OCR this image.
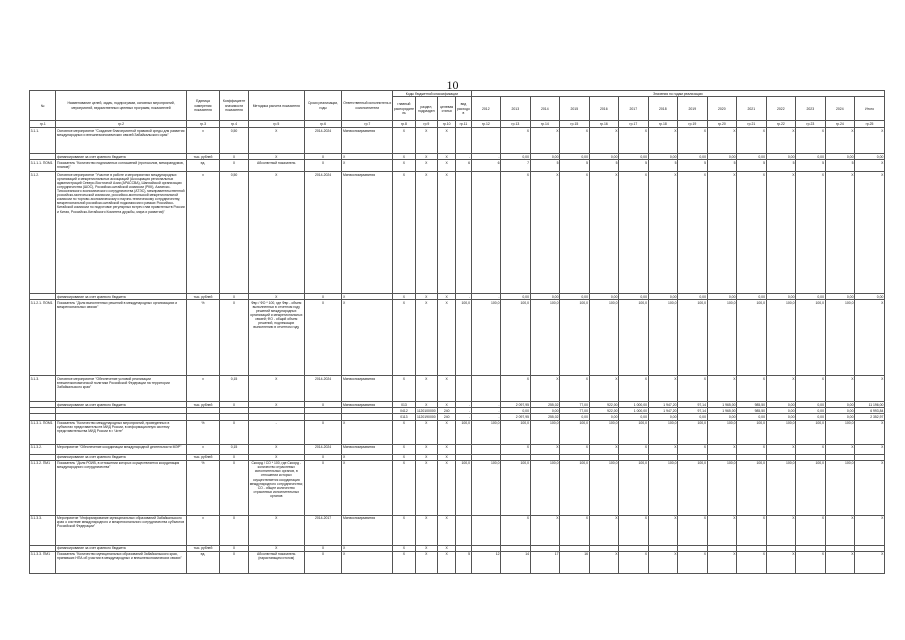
10
№	Наименование целей, задач, подпрограмм, основных мероприятий, мероприятий, ведомственных целевых программ, показателей	Единица измерения показателя	Коэффициент значимости показателя	Методика расчета показателя	Сроки реализации, годы	Ответственный исполнитель и соисполнители	Коды бюджетной классификации				Значения по годам реализации													
							главный распорядитель	раздел, подраздел	целевая статья	вид расходов	2012	2013	2014	2015	2016	2017	2018	2019	2020	2021	2022	2023	2024	Итого

гр.1	гр.2	гр.3	гр.4	гр.5	гр.6	гр.7	гр.8	гр.9	гр.10	гр.11	гр.12	гр.13	гр.14	гр.15	гр.16	гр.17	гр.18	гр.19	гр.20	гр.21	гр.22	гр.23	гр.24	гр.25
3.1.1.	Основное мероприятие "Создание благоприятной правовой среды для развития международных и внешнеэкономических связей Забайкальского края"	х	0,50	Х	2014-2024	Минэкономразвития	Х	Х	Х			Х	Х	Х	Х	Х	Х	Х	Х	Х	Х	Х	Х	Х
	финансирование за счет краевого бюджета	тыс. рублей	Х	Х	Х	Х	Х	Х	Х	-	-	0,00	0,00	0,00	0,00	0,00	0,00	0,00	0,00	0,00	0,00	0,00	0,00	0,00
3.1.1.1. ПОМ1	Показатель "Количество подписанных соглашений (протоколов, меморандумов, планов)"	ед.	Х	Абсолютный показатель	Х	Х	Х	Х	Х	6	6	7	5	5	5	5	5	5	5	5	5	5	5	Х
3.1.2.	Основное мероприятие "Участие в работе и мероприятиях международных организаций и межрегиональных ассоциаций (Ассоциация региональных администраций Северо-Восточной Азии (АРАССВА), Шанхайской организации сотрудничества (ШОС), Российско-китайской комиссии (РКК), Азиатско-Тихоокеанского экономического сотрудничества (АТЭС), межправительственной российско-монгольской комиссии, российско-монгольской межрегиональной комиссии по торгово-экономическому и научно-техническому сотрудничеству, межрегиональной российско-китайской подкомиссии и рамках Российско-Китайской комиссии по подготовке регулярных встреч глав правительств России и Китая, Российско-Китайского Комитета дружбы, мира и развития)"	х	0,50	Х	2014-2024	Минэкономразвития	Х	Х	Х			Х	Х	Х	Х	Х	Х	Х	Х	Х	Х	Х	Х	Х
	финансирование за счет краевого бюджета	тыс. рублей	Х	Х	Х	Х	Х	Х	Х	-	-	0,00	0,00	0,00	0,00	0,00	0,00	0,00	0,00	0,00	0,00	0,00	0,00	0,00
3.1.2.1. ПОМ1	Показатель "Доля выполненных решений в международных организациях и межрегиональных связях"	%	Х	Фвр / ФО * 100, где Фвр - объем выполненных в отчетном году решений международных организаций и межрегиональных связей; ФО - общий объем решений, подлежащих выполнению в отчетном году	Х	Х	Х	Х	Х	100,0	100,0	100,0	100,0	100,0	100,0	100,0	100,0	100,0	100,0	100,0	100,0	100,0	100,0	Х
3.1.3.	Основное мероприятие "Обеспечение условий реализации внешнеэкономической политики Российской Федерации на территории Забайкальского края"	х	0,15	Х	2014-2024	Минэкономразвития	Х	Х	Х			Х	Х	Х	Х	Х	Х	Х	Х	Х	Х	Х	Х	Х
	финансирование за счет краевого бюджета	тыс. рублей	Х	Х	Х	Минэкономразвития	013	Х	Х	-	-	2 097,95	255,02	77,00	922,00	1 000,00	1 947,20	97,14	1 965,00	985,50	0,00	0,00	0,00	11 196,00
							0412	1120100000	240	-	-	0,00	0,00	77,00	922,00	1 000,00	1 947,20	97,14	1 965,00	985,50	0,00	0,00	0,00	6 993,84
							0113	1120190000	240	-	-	2 097,95	255,02	0,00	0,00	0,00	0,00	0,00	0,00	0,00	0,00	0,00	0,00	2 352,97
3.1.3.1. ПОМ1	Показатель "Количество международных мероприятий, проведенных в субъектах представительств МИД России, в информационную систему представительства МИД России в г. Чите"	%	Х	-	Х	Х	Х	Х	Х	100,0	100,0	100,0	100,0	100,0	100,0	100,0	100,0	100,0	100,0	100,0	100,0	100,0	100,0	Х
3.1.3.2.	Мероприятие "Обеспечение координации международной деятельности МЭР"	х	0,15	Х	2014-2024	Минэкономразвития	Х	Х	Х			Х	Х	Х	Х	Х	Х	Х	Х	Х	Х	Х	Х	Х
	финансирование за счет краевого бюджета	тыс. рублей	Х	Х	Х	Х	Х	Х	Х															
3.1.3.2. ПМ1	Показатель "Доля РОИВ, в отношении которых осуществляется координация международного сотрудничества"	%	Х	Скоорд / СО * 100, где Скоорд - количество отраслевых исполнительных органов, в отношении которых осуществляется координация международного сотрудничества; СО - общее количество отраслевых исполнительных органов	Х	Х	Х	Х	Х	100,0	100,0	100,0	100,0	100,0	100,0	100,0	100,0	100,0	100,0	100,0	100,0	100,0	100,0	Х
3.1.3.3.	Мероприятие "Информирование муниципальных образований Забайкальского края о системе международного и межрегионального сотрудничества субъектов Российской Федерации"	х	Х	Х	2014-2017	Минэкономразвития	Х	Х	Х			Х	Х	Х	Х	Х	Х	Х	Х	Х	Х	Х	Х	Х
	финансирование за счет краевого бюджета	тыс. рублей	Х	Х	Х	Х	Х	Х	Х															
3.1.3.3. ПМ1	Показатель "Количество муниципальных образований Забайкальского края, принявших НПА об участии в международных и внешнеэкономических связях"	ед.	Х	Абсолютный показатель (нарастающим итогом)	Х	Х	Х	Х	Х	5	12	14	17	16	Х	Х	Х	Х	Х	Х	Х	Х	Х	Х
